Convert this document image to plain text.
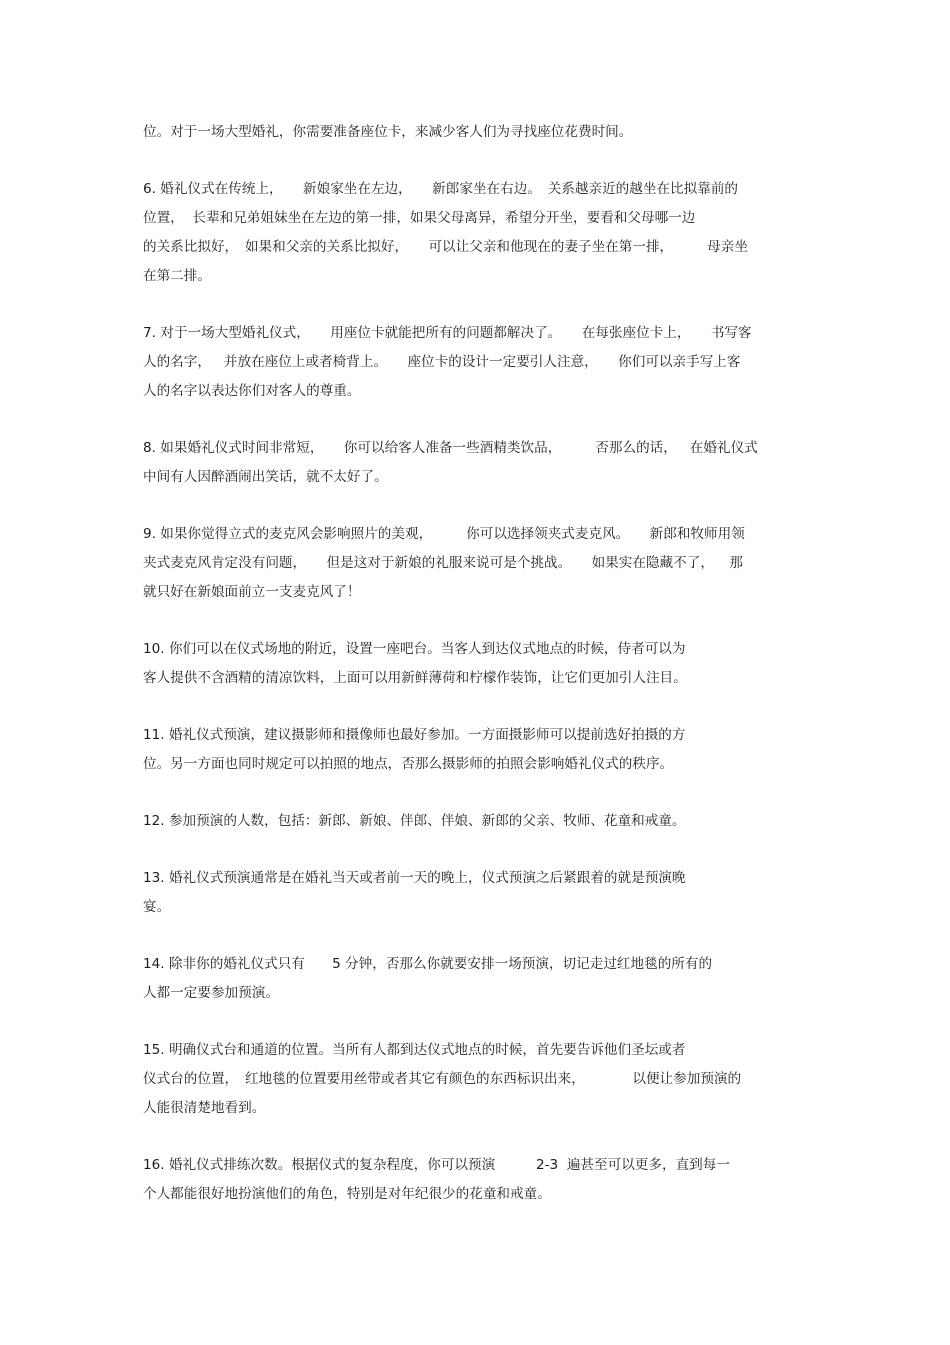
位。对于一场大型婚礼，你需要准备座位卡，来减少客人们为寻找座位花费时间。

6. 婚礼仪式在传统上，　　新娘家坐在左边，　　新郎家坐在右边。　关系越亲近的越坐在比拟靠前的
位置，  长辈和兄弟姐妹坐在左边的第一排，如果父母离异，希望分开坐，要看和父母哪一边
的关系比拟好，　如果和父亲的关系比拟好，　　可以让父亲和他现在的妻子坐在第一排，　　　母亲坐
在第二排。

7. 对于一场大型婚礼仪式，　　用座位卡就能把所有的问题都解决了。　　在每张座位卡上，　　书写客
人的名字，   并放在座位上或者椅背上。　　座位卡的设计一定要引人注意，　　你们可以亲手写上客
人的名字以表达你们对客人的尊重。

8. 如果婚礼仪式时间非常短，　　你可以给客人准备一些酒精类饮品，　　　否那么的话，   在婚礼仪式
中间有人因醉酒闹出笑话，就不太好了。

9. 如果你觉得立式的麦克风会影响照片的美观，　　　你可以选择领夹式麦克风。　　新郎和牧师用领
夹式麦克风肯定没有问题，　　但是这对于新娘的礼服来说可是个挑战。　　如果实在隐藏不了，　  那
就只好在新娘面前立一支麦克风了！

10. 你们可以在仪式场地的附近，设置一座吧台。当客人到达仪式地点的时候，侍者可以为
客人提供不含酒精的清凉饮料，上面可以用新鲜薄荷和柠檬作装饰，让它们更加引人注目。

11. 婚礼仪式预演，建议摄影师和摄像师也最好参加。一方面摄影师可以提前选好拍摄的方
位。另一方面也同时规定可以拍照的地点，否那么摄影师的拍照会影响婚礼仪式的秩序。

12. 参加预演的人数，包括：新郎、新娘、伴郎、伴娘、新郎的父亲、牧师、花童和戒童。

13. 婚礼仪式预演通常是在婚礼当天或者前一天的晚上，仪式预演之后紧跟着的就是预演晚
宴。

14. 除非你的婚礼仪式只有　　5 分钟，否那么你就要安排一场预演，切记走过红地毯的所有的
人都一定要参加预演。

15. 明确仪式台和通道的位置。当所有人都到达仪式地点的时候，首先要告诉他们圣坛或者
仪式台的位置，　红地毯的位置要用丝带或者其它有颜色的东西标识出来，　　　　以便让参加预演的
人能很清楚地看到。

16. 婚礼仪式排练次数。根据仪式的复杂程度，你可以预演　　　2-3  遍甚至可以更多，直到每一
个人都能很好地扮演他们的角色，特别是对年纪很少的花童和戒童。
